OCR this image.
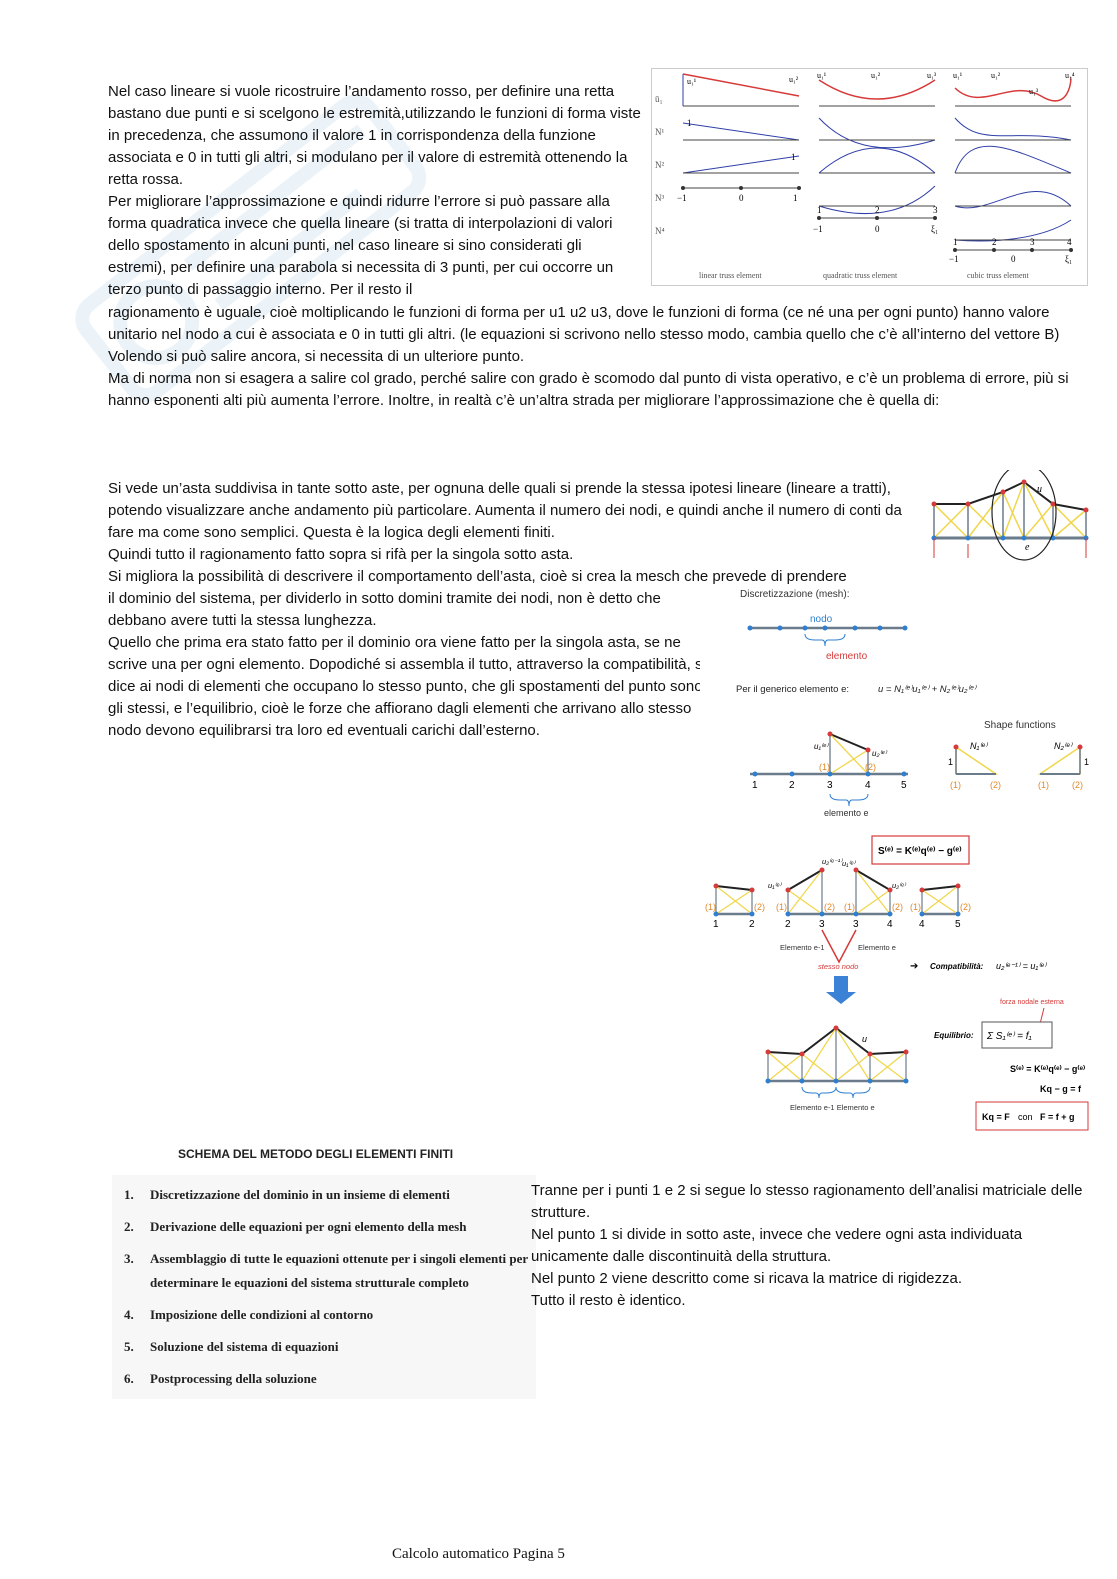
Nel caso lineare si vuole ricostruire l’andamento rosso, per definire una retta bastano due punti e si scelgono le estremità,utilizzando le funzioni di forma viste in precedenza, che assumono il valore 1 in corrispondenza della funzione associata e 0 in tutti gli altri, si modulano per il valore di estremità ottenendo la retta rossa.

Per migliorare l’approssimazione e quindi ridurre l’errore si può passare alla forma quadratica invece che quella lineare (si tratta di interpolazioni di valori dello spostamento in alcuni punti, nel caso lineare si sino considerati gli estremi), per definire una parabola si necessita di 3 punti, per cui occorre un terzo punto di passaggio interno. Per il resto il

ū₁
N¹
N²
N³
N⁴
−1	0	1
1
1
u₁¹	u₁²
linear truss element
1	2	3
−1	0	ξ₁
u₁¹	u₁²	u₁³
quadratic truss element
1	2	3	4
−1	0	ξ₁
u₁¹	u₁²
u₁³
u₁⁴
cubic truss element

ragionamento è uguale, cioè moltiplicando le funzioni di forma per u1 u2 u3, dove le funzioni di forma (ce né una per ogni punto) hanno valore unitario nel nodo a cui è associata e 0 in tutti gli altri. (le equazioni si scrivono nello stesso modo, cambia quello che c’è all’interno del vettore B)

Volendo si può salire ancora, si necessita di un ulteriore punto.

Ma di norma non si esagera a salire col grado, perché salire con grado è scomodo dal punto di vista operativo, e c’è un problema di errore, più si hanno esponenti alti più aumenta l’errore. Inoltre, in realtà c’è un’altra strada per migliorare l’approssimazione che è quella di:

Si vede un’asta suddivisa in tante sotto aste, per ognuna delle quali si prende la stessa ipotesi lineare (lineare a tratti), potendo visualizzare anche andamento più particolare. Aumenta il numero dei nodi, e quindi anche il numero di conti da fare ma come sono semplici. Questa è la logica degli elementi finiti.

Quindi tutto il ragionamento fatto sopra si rifà per la singola sotto asta.

Si migliora la possibilità di descrivere il comportamento dell’asta, cioè si crea la mesch che prevede di prendere

u
e

il dominio del sistema, per dividerlo in sotto domini tramite dei nodi, non è detto che debbano avere tutti la stessa lunghezza.

Quello che prima era stato fatto per il dominio ora viene fatto per la singola asta, se ne scrive una per ogni elemento. Dopodiché si assembla il tutto, attraverso la compatibilità, si dice ai nodi di elementi che occupano lo stesso punto, che gli spostamenti del punto sono gli stessi, e l’equilibrio, cioè le forze che affiorano dagli elementi che arrivano allo stesso nodo devono equilibrarsi tra loro ed eventuali carichi dall’esterno.

Discretizzazione (mesh):
nodo
elemento
Per il generico elemento e:	u = N₁⁽ᵉ⁾u₁⁽ᵉ⁾ + N₂⁽ᵉ⁾u₂⁽ᵉ⁾
Shape functions
u₁⁽ᵉ⁾
u₂⁽ᵉ⁾
(1)	(2)
1	2	3	4	5
elemento e
N₁⁽ᵉ⁾
1
(1)	(2)
N₂⁽ᵉ⁾
1
(1)	(2)
S⁽ᵉ⁾ = K⁽ᵉ⁾q⁽ᵉ⁾ − g⁽ᵉ⁾
(1)	(2) (1)	(2) (1)	(2) (1)	(2)
u₁⁽ᵉ⁾
u₂⁽ᵉ⁻¹⁾ u₁⁽ᵉ⁾
u₂⁽ᵉ⁾
1	2	2	3	3	4	4	5
Elemento e-1	Elemento e
stesso nodo	➔ Compatibilità: u₂⁽ᵉ⁻¹⁾ = u₁⁽ᵉ⁾
u
Elemento e-1 Elemento e
forza nodale esterna
Equilibrio: Σ S₁⁽ᵉ⁾ = f₁
S⁽ᵉ⁾ = K⁽ᵉ⁾q⁽ᵉ⁾ − g⁽ᵉ⁾
Kq − g = f
Kq = F con F = f + g
SCHEMA DEL METODO DEGLI ELEMENTI FINITI
1.	Discretizzazione del dominio in un insieme di elementi
2.	Derivazione delle equazioni per ogni elemento della mesh
3.	Assemblaggio di tutte le equazioni ottenute per i singoli elementi per determinare le equazioni del sistema strutturale completo
4.	Imposizione delle condizioni al contorno
5.	Soluzione del sistema di equazioni
6.	Postprocessing della soluzione

Tranne per i punti 1 e 2 si segue lo stesso ragionamento dell’analisi matriciale delle strutture.

Nel punto 1 si divide in sotto aste, invece che vedere ogni asta individuata unicamente dalle discontinuità della struttura.

Nel punto 2 viene descritto come si ricava la matrice di rigidezza.

Tutto il resto è identico.

Calcolo automatico Pagina 5
